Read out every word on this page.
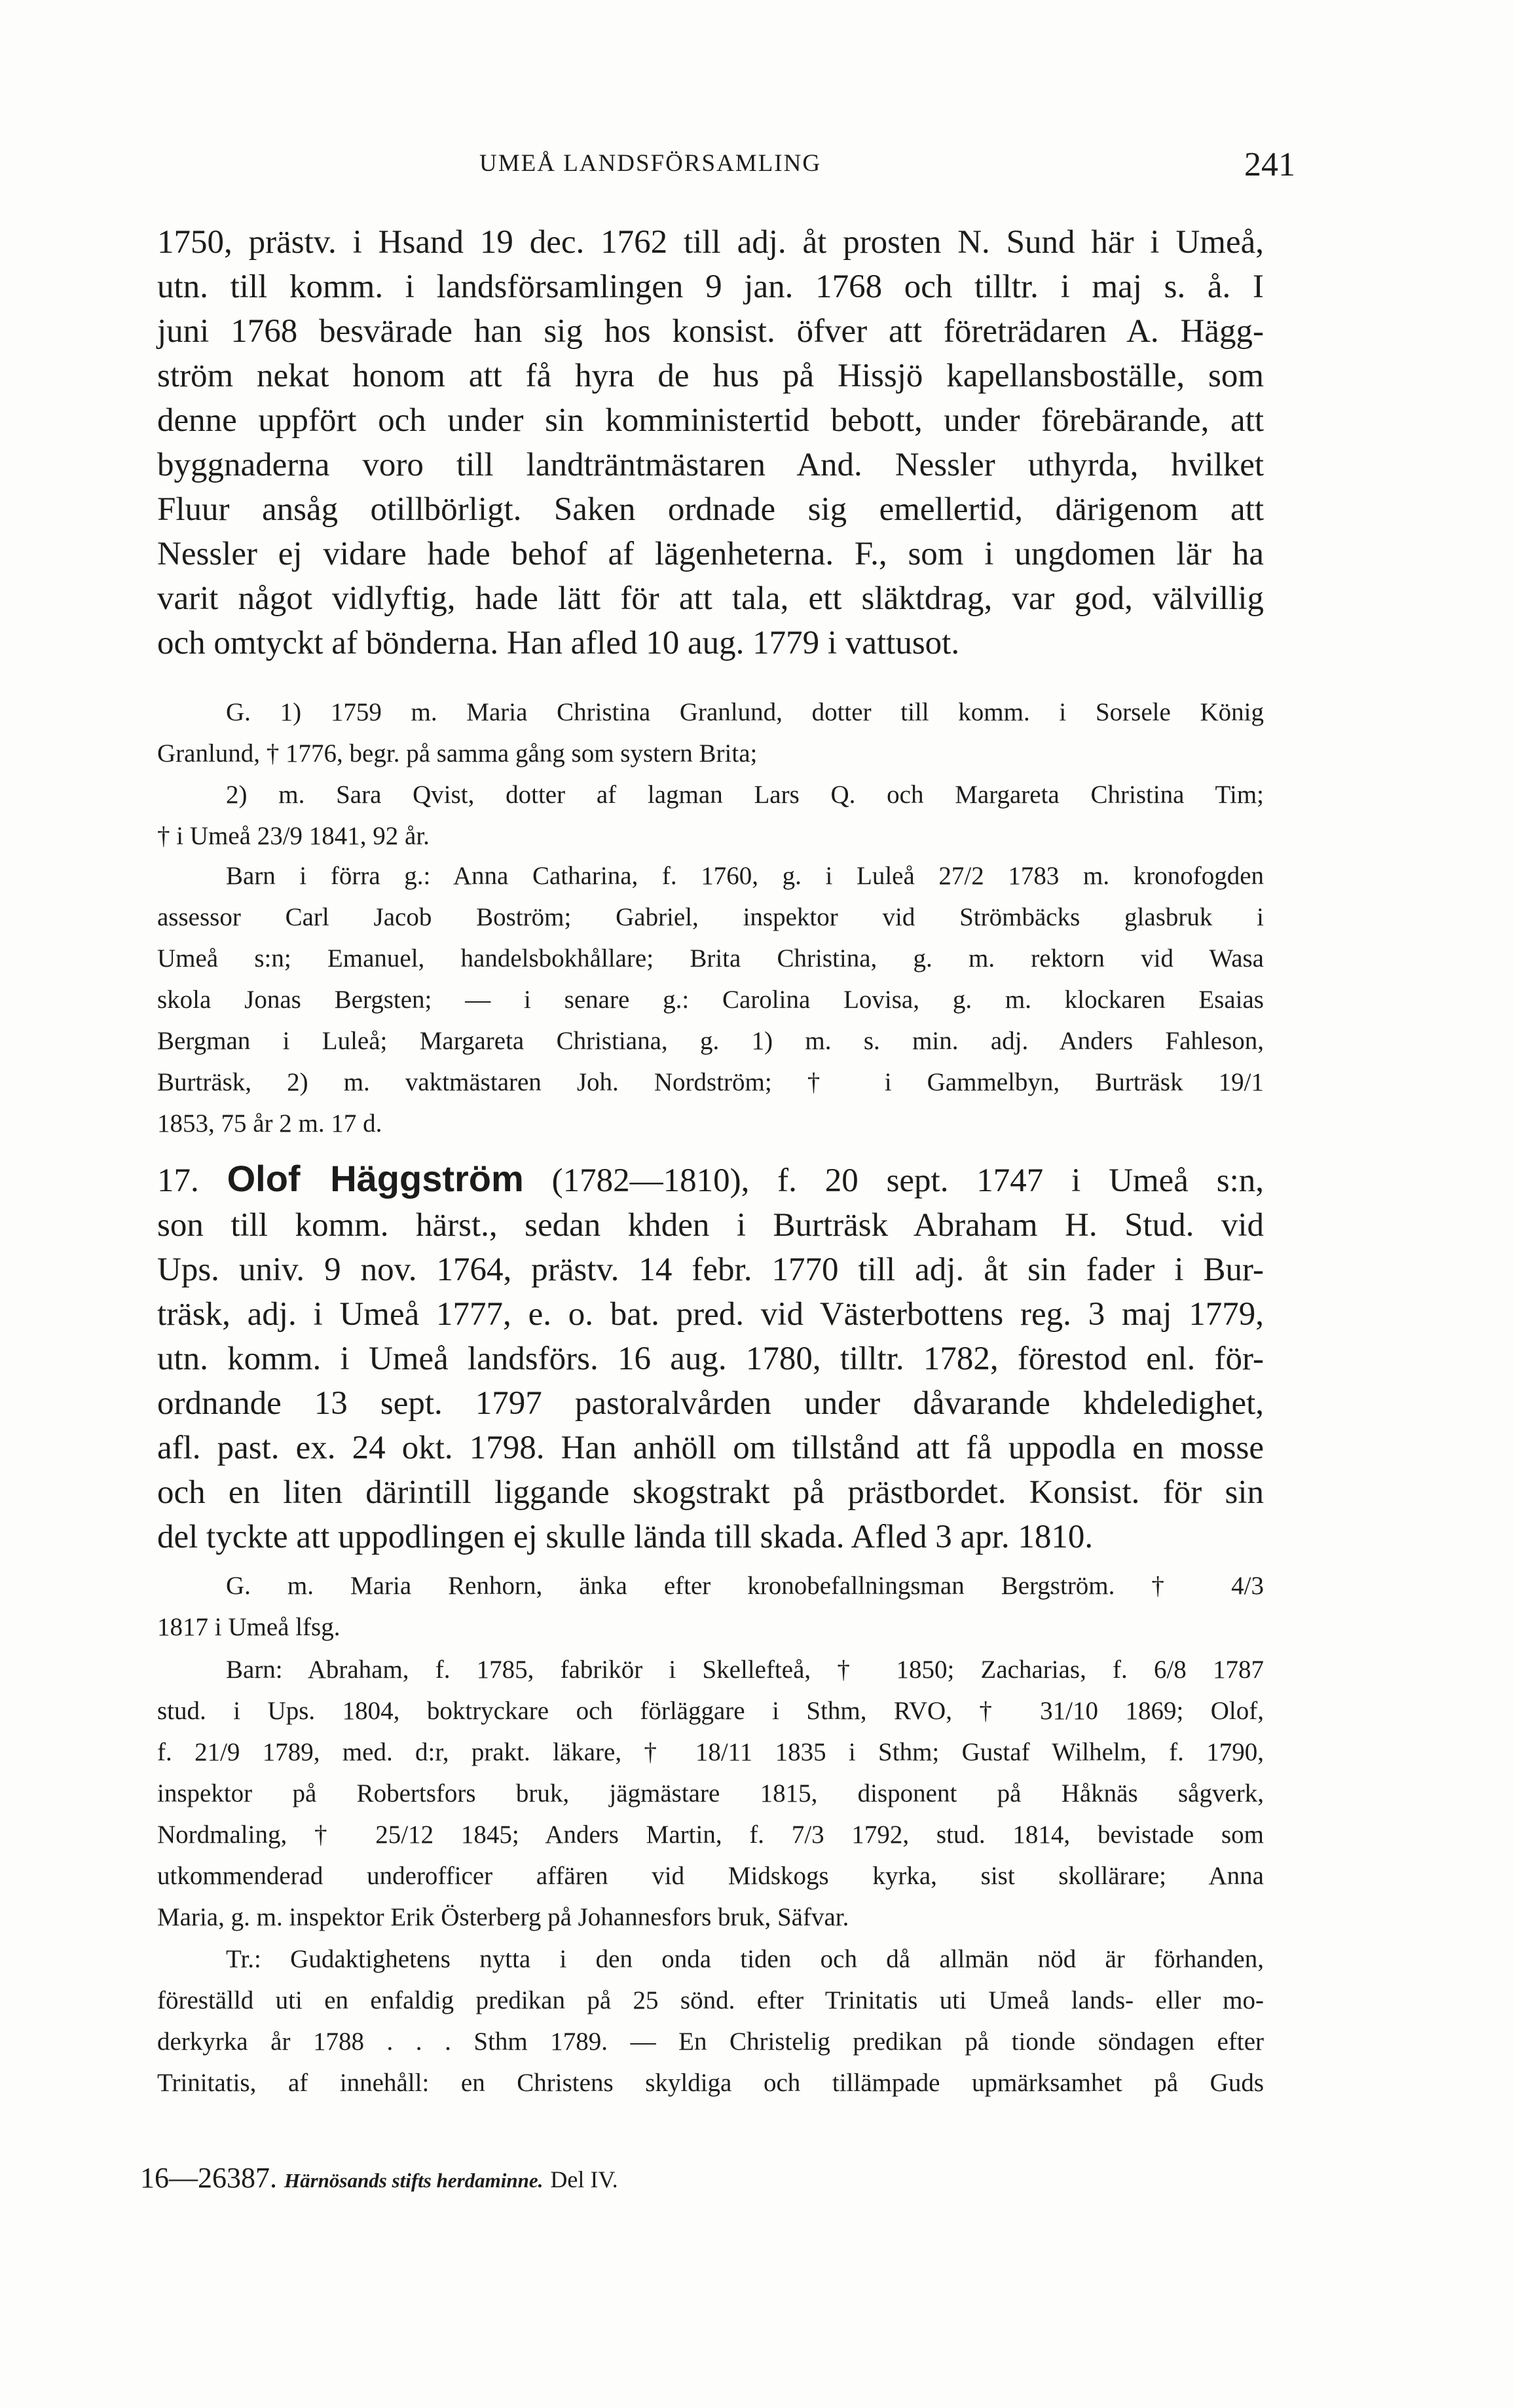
UMEÅ LANDSFÖRSAMLING	241
1750, prästv. i Hsand 19 dec. 1762 till adj. åt prosten N. Sund här i Umeå,
utn. till komm. i landsförsamlingen 9 jan. 1768 och tilltr. i maj s. å. I
juni 1768 besvärade han sig hos konsist. öfver att företrädaren A. Hägg-
ström nekat honom att få hyra de hus på Hissjö kapellansboställe, som
denne uppfört och under sin komministertid bebott, under förebärande, att
byggnaderna voro till landträntmästaren And. Nessler uthyrda, hvilket
Fluur ansåg otillbörligt. Saken ordnade sig emellertid, därigenom att
Nessler ej vidare hade behof af lägenheterna. F., som i ungdomen lär ha
varit något vidlyftig, hade lätt för att tala, ett släktdrag, var god, välvillig
och omtyckt af bönderna. Han afled 10 aug. 1779 i vattusot.
G. 1) 1759 m. Maria Christina Granlund, dotter till komm. i Sorsele König
Granlund, † 1776, begr. på samma gång som systern Brita;
2) m. Sara Qvist, dotter af lagman Lars Q. och Margareta Christina Tim;
† i Umeå 23/9 1841, 92 år.
Barn i förra g.: Anna Catharina, f. 1760, g. i Luleå 27/2 1783 m. kronofogden
assessor Carl Jacob Boström; Gabriel, inspektor vid Strömbäcks glasbruk i
Umeå s:n; Emanuel, handelsbokhållare; Brita Christina, g. m. rektorn vid Wasa
skola Jonas Bergsten; — i senare g.: Carolina Lovisa, g. m. klockaren Esaias
Bergman i Luleå; Margareta Christiana, g. 1) m. s. min. adj. Anders Fahleson,
Burträsk, 2) m. vaktmästaren Joh. Nordström; † i Gammelbyn, Burträsk 19/1
1853, 75 år 2 m. 17 d.
17. Olof Häggström (1782—1810), f. 20 sept. 1747 i Umeå s:n,
son till komm. härst., sedan khden i Burträsk Abraham H. Stud. vid
Ups. univ. 9 nov. 1764, prästv. 14 febr. 1770 till adj. åt sin fader i Bur-
träsk, adj. i Umeå 1777, e. o. bat. pred. vid Västerbottens reg. 3 maj 1779,
utn. komm. i Umeå landsförs. 16 aug. 1780, tilltr. 1782, förestod enl. för-
ordnande 13 sept. 1797 pastoralvården under dåvarande khdeledighet,
afl. past. ex. 24 okt. 1798. Han anhöll om tillstånd att få uppodla en mosse
och en liten därintill liggande skogstrakt på prästbordet. Konsist. för sin
del tyckte att uppodlingen ej skulle lända till skada. Afled 3 apr. 1810.
G. m. Maria Renhorn, änka efter kronobefallningsman Bergström. † 4/3
1817 i Umeå lfsg.
Barn: Abraham, f. 1785, fabrikör i Skellefteå, † 1850; Zacharias, f. 6/8 1787
stud. i Ups. 1804, boktryckare och förläggare i Sthm, RVO, † 31/10 1869; Olof,
f. 21/9 1789, med. d:r, prakt. läkare, † 18/11 1835 i Sthm; Gustaf Wilhelm, f. 1790,
inspektor på Robertsfors bruk, jägmästare 1815, disponent på Håknäs sågverk,
Nordmaling, † 25/12 1845; Anders Martin, f. 7/3 1792, stud. 1814, bevistade som
utkommenderad underofficer affären vid Midskogs kyrka, sist skollärare; Anna
Maria, g. m. inspektor Erik Österberg på Johannesfors bruk, Säfvar.
Tr.: Gudaktighetens nytta i den onda tiden och då allmän nöd är förhanden,
föreställd uti en enfaldig predikan på 25 sönd. efter Trinitatis uti Umeå lands- eller mo-
derkyrka år 1788 . . . Sthm 1789. — En Christelig predikan på tionde söndagen efter
Trinitatis, af innehåll: en Christens skyldiga och tillämpade upmärksamhet på Guds
16—26387. Härnösands stifts herdaminne. Del IV.
